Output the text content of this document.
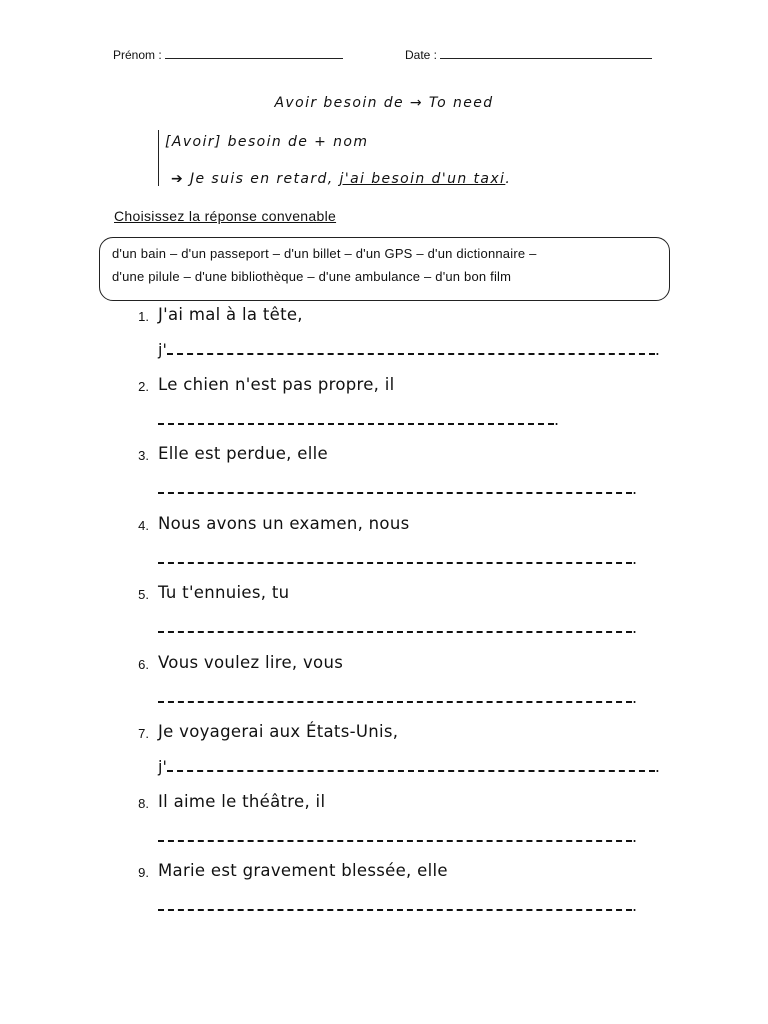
Prénom :	Date :
Avoir besoin de → To need
[Avoir] besoin de + nom
➔ Je suis en retard, j'ai besoin d'un taxi.
Choisissez la réponse convenable
d'un bain – d'un passeport – d'un billet – d'un GPS – d'un dictionnaire –
d'une pilule – d'une bibliothèque – d'une ambulance – d'un bon film
1. J'ai mal à la tête,
j'	.
2. Le chien n'est pas propre, il
.
3. Elle est perdue, elle
.
4. Nous avons un examen, nous
.
5. Tu t'ennuies, tu
.
6. Vous voulez lire, vous
.
7. Je voyagerai aux États-Unis,
j'	.
8. Il aime le théâtre, il
.
9. Marie est gravement blessée, elle
.
